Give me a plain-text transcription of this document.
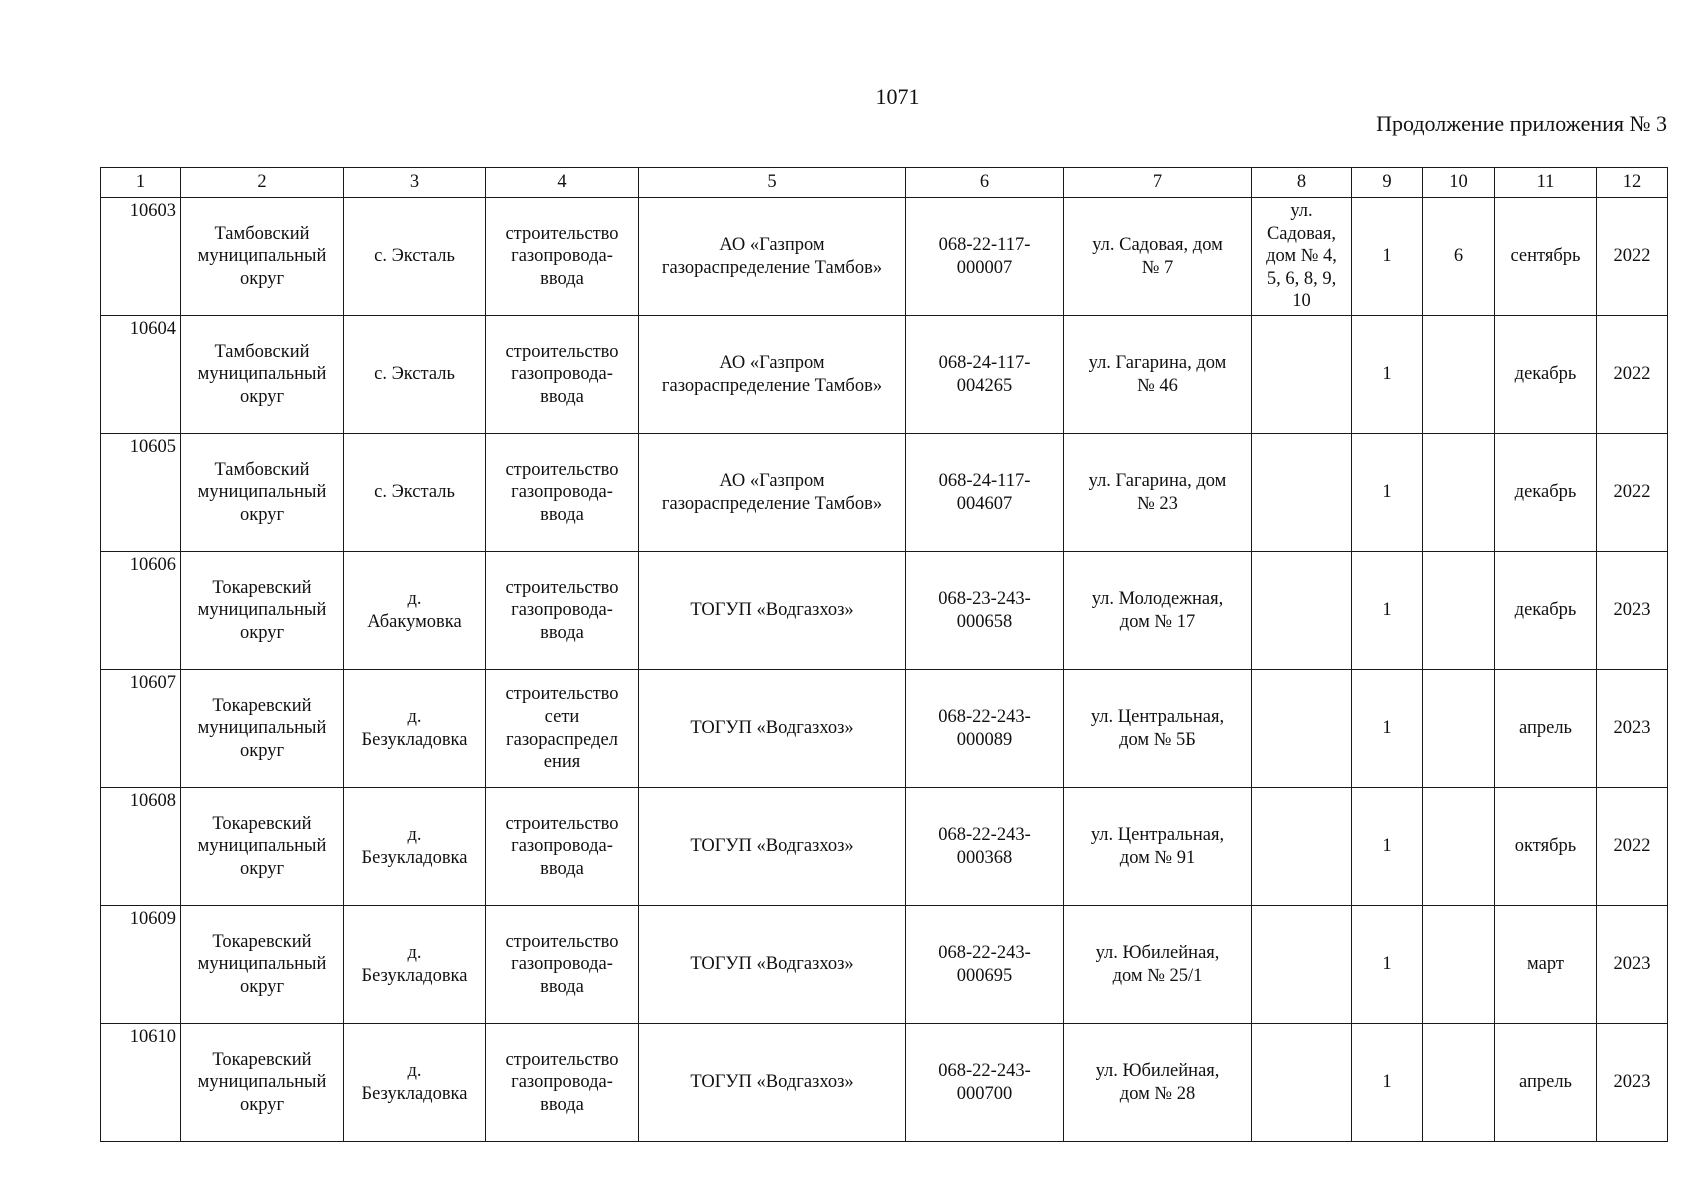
1071
Продолжение приложения № 3
1	2	3	4	5	6	7	8	9	10	11	12
10603	Тамбовский
муниципальный
округ	с. Эксталь	строительство
газопровода-
ввода	АО «Газпром
газораспределение Тамбов»	068-22-117-
000007	ул. Садовая, дом
№ 7	ул.
Садовая,
дом № 4,
5, 6, 8, 9,
10	1	6	сентябрь	2022
10604	Тамбовский
муниципальный
округ	с. Эксталь	строительство
газопровода-
ввода	АО «Газпром
газораспределение Тамбов»	068-24-117-
004265	ул. Гагарина, дом
№ 46		1		декабрь	2022
10605	Тамбовский
муниципальный
округ	с. Эксталь	строительство
газопровода-
ввода	АО «Газпром
газораспределение Тамбов»	068-24-117-
004607	ул. Гагарина, дом
№ 23		1		декабрь	2022
10606	Токаревский
муниципальный
округ	д.
Абакумовка	строительство
газопровода-
ввода	ТОГУП «Водгазхоз»	068-23-243-
000658	ул. Молодежная,
дом № 17		1		декабрь	2023
10607	Токаревский
муниципальный
округ	д.
Безукладовка	строительство
сети
газораспредел
ения	ТОГУП «Водгазхоз»	068-22-243-
000089	ул. Центральная,
дом № 5Б		1		апрель	2023
10608	Токаревский
муниципальный
округ	д.
Безукладовка	строительство
газопровода-
ввода	ТОГУП «Водгазхоз»	068-22-243-
000368	ул. Центральная,
дом № 91		1		октябрь	2022
10609	Токаревский
муниципальный
округ	д.
Безукладовка	строительство
газопровода-
ввода	ТОГУП «Водгазхоз»	068-22-243-
000695	ул. Юбилейная,
дом № 25/1		1		март	2023
10610	Токаревский
муниципальный
округ	д.
Безукладовка	строительство
газопровода-
ввода	ТОГУП «Водгазхоз»	068-22-243-
000700	ул. Юбилейная,
дом № 28		1		апрель	2023
